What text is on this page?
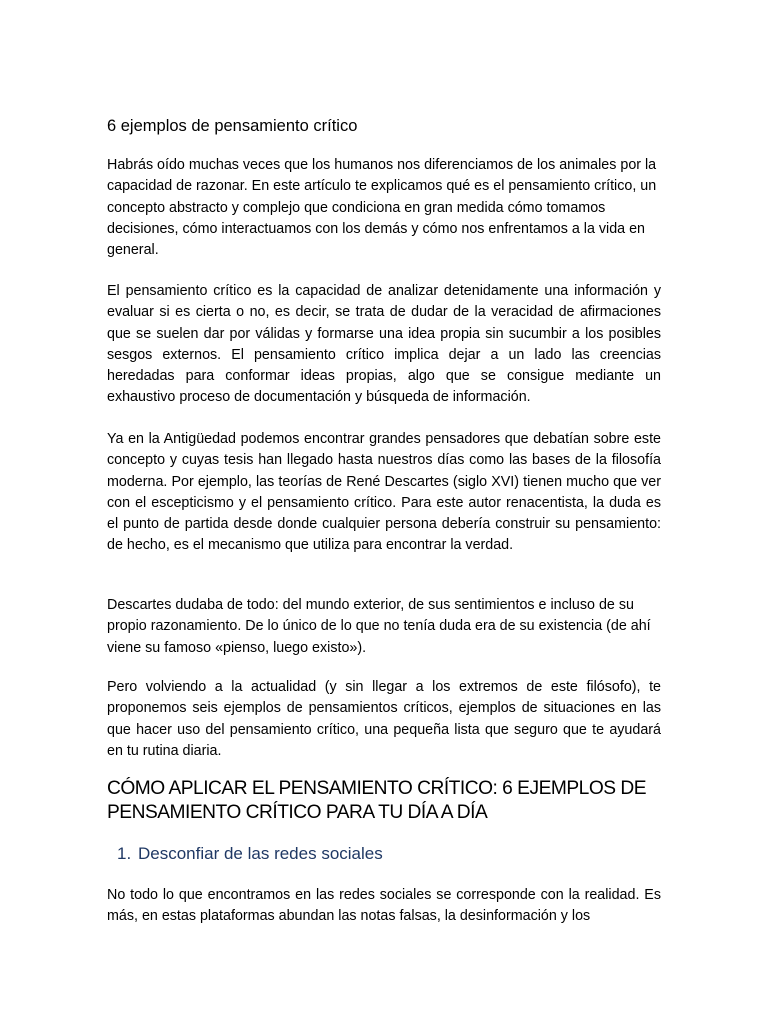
6 ejemplos de pensamiento crítico

Habrás oído muchas veces que los humanos nos diferenciamos de los animales por la capacidad de razonar. En este artículo te explicamos qué es el pensamiento crítico, un concepto abstracto y complejo que condiciona en gran medida cómo tomamos decisiones, cómo interactuamos con los demás y cómo nos enfrentamos a la vida en general.

El pensamiento crítico es la capacidad de analizar detenidamente una información y evaluar si es cierta o no, es decir, se trata de dudar de la veracidad de afirmaciones que se suelen dar por válidas y formarse una idea propia sin sucumbir a los posibles sesgos externos. El pensamiento crítico implica dejar a un lado las creencias heredadas para conformar ideas propias, algo que se consigue mediante un exhaustivo proceso de documentación y búsqueda de información.

Ya en la Antigüedad podemos encontrar grandes pensadores que debatían sobre este concepto y cuyas tesis han llegado hasta nuestros días como las bases de la filosofía moderna. Por ejemplo, las teorías de René Descartes (siglo XVI) tienen mucho que ver con el escepticismo y el pensamiento crítico. Para este autor renacentista, la duda es el punto de partida desde donde cualquier persona debería construir su pensamiento: de hecho, es el mecanismo que utiliza para encontrar la verdad.

Descartes dudaba de todo: del mundo exterior, de sus sentimientos e incluso de su propio razonamiento. De lo único de lo que no tenía duda era de su existencia (de ahí viene su famoso «pienso, luego existo»).

Pero volviendo a la actualidad (y sin llegar a los extremos de este filósofo), te proponemos seis ejemplos de pensamientos críticos, ejemplos de situaciones en las que hacer uso del pensamiento crítico, una pequeña lista que seguro que te ayudará en tu rutina diaria.

CÓMO APLICAR EL PENSAMIENTO CRÍTICO: 6 EJEMPLOS DE PENSAMIENTO CRÍTICO PARA TU DÍA A DÍA
1. Desconfiar de las redes sociales

No todo lo que encontramos en las redes sociales se corresponde con la realidad. Es más, en estas plataformas abundan las notas falsas, la desinformación y los
